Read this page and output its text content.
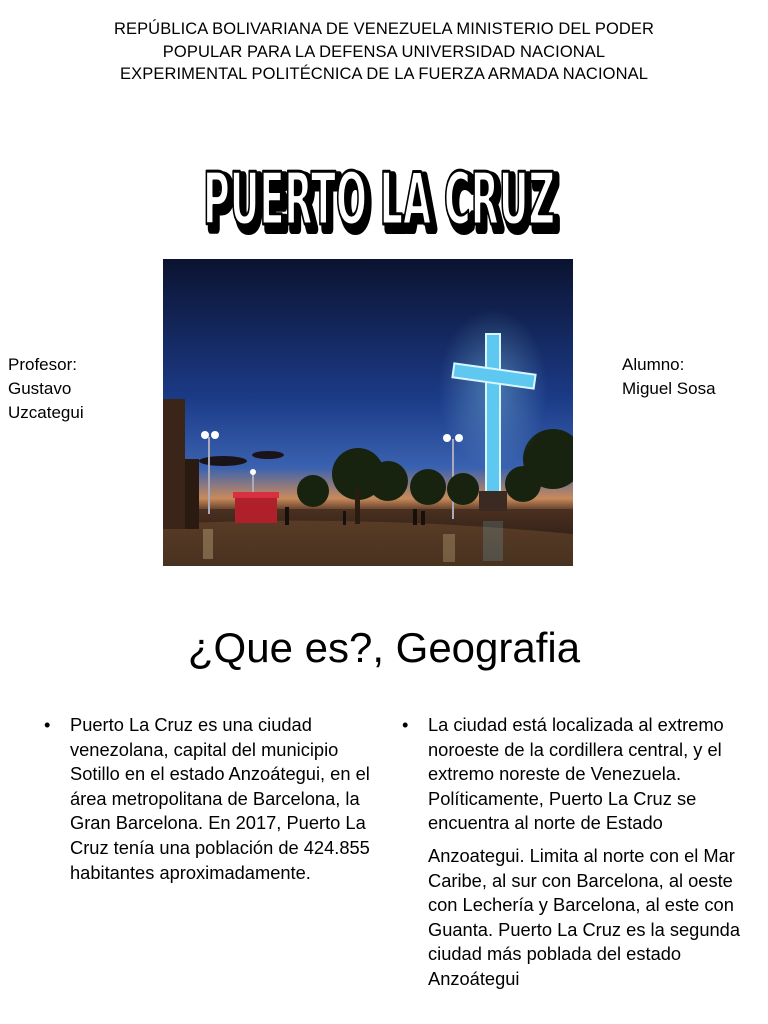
REPÚBLICA BOLIVARIANA DE VENEZUELA MINISTERIO DEL PODER POPULAR PARA LA DEFENSA UNIVERSIDAD NACIONAL EXPERIMENTAL POLITÉCNICA DE LA FUERZA ARMADA NACIONAL
PUERTO LA CRUZ
PUERTO LA CRUZ
Profesor:
Gustavo
Uzcategui
Alumno:
Miguel Sosa
¿Que es?, Geografia
•	Puerto La Cruz es una ciudad venezolana, capital del municipio Sotillo en el estado Anzoátegui, en el área metropolitana de Barcelona, la Gran Barcelona. En 2017, Puerto La Cruz tenía una población de 424.855 habitantes aproximadamente.
•	La ciudad está localizada al extremo noroeste de la cordillera central, y el extremo noreste de Venezuela. Políticamente, Puerto La Cruz se encuentra al norte de Estado
Anzoategui. Limita al norte con el Mar Caribe, al sur con Barcelona, al oeste con Lechería y Barcelona, al este con Guanta. Puerto La Cruz es la segunda ciudad más poblada del estado Anzoátegui
